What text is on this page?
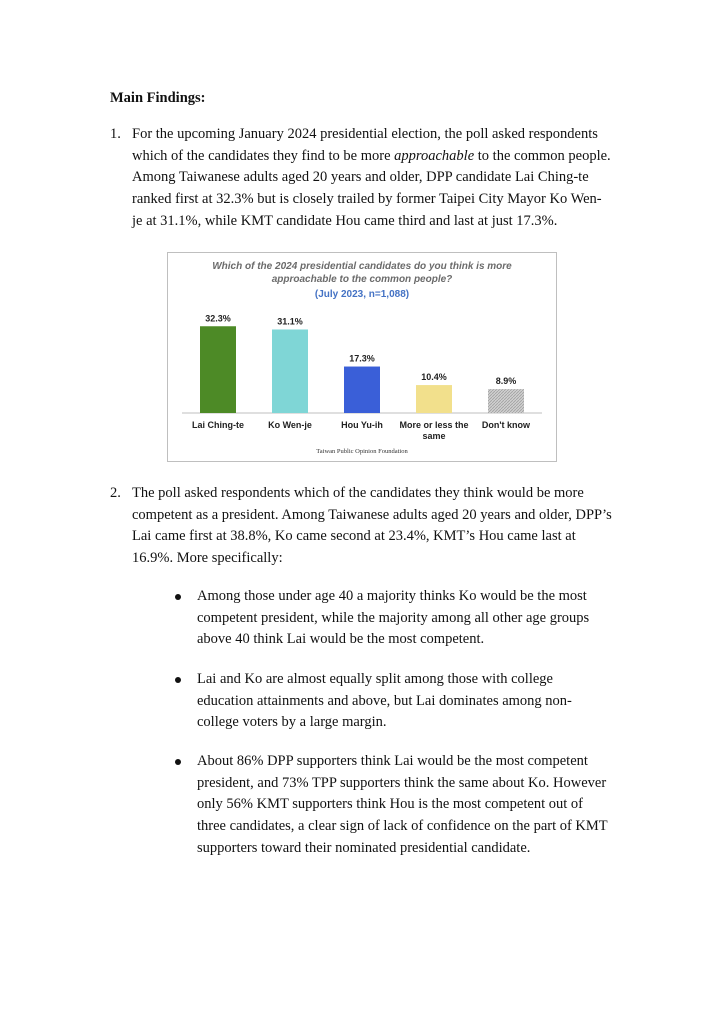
Main Findings:
1. For the upcoming January 2024 presidential election, the poll asked respondents
which of the candidates they find to be more approachable to the common people.
Among Taiwanese adults aged 20 years and older, DPP candidate Lai Ching-te
ranked first at 32.3% but is closely trailed by former Taipei City Mayor Ko Wen-
je at 31.1%, while KMT candidate Hou came third and last at just 17.3%.
Which of the 2024 presidential candidates do you think is more
approachable to the common people?
(July 2023, n=1,088)
32.3%
Lai Ching-te
31.1%
Ko Wen-je
17.3%
Hou Yu-ih
10.4%
More or less the
same
8.9%
Don't know
Taiwan Public Opinion Foundation
2. The poll asked respondents which of the candidates they think would be more
competent as a president. Among Taiwanese adults aged 20 years and older, DPP’s
Lai came first at 38.8%, Ko came second at 23.4%, KMT’s Hou came last at
16.9%. More specifically:
Among those under age 40 a majority thinks Ko would be the most
competent president, while the majority among all other age groups
above 40 think Lai would be the most competent.
Lai and Ko are almost equally split among those with college
education attainments and above, but Lai dominates among non-
college voters by a large margin.
About 86% DPP supporters think Lai would be the most competent
president, and 73% TPP supporters think the same about Ko. However
only 56% KMT supporters think Hou is the most competent out of
three candidates, a clear sign of lack of confidence on the part of KMT
supporters toward their nominated presidential candidate.
